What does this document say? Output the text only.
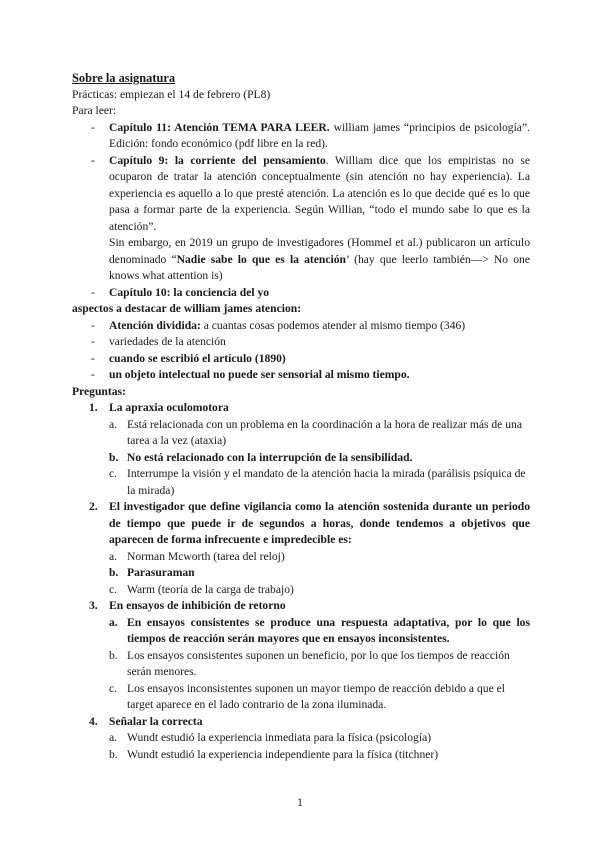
Sobre la asignatura
Prácticas: empiezan el 14 de febrero (PL8)
Para leer:
- Capítulo 11: Atención TEMA PARA LEER. william james “principios de psicología”. Edición: fondo económico (pdf libre en la red).
- Capítulo 9: la corriente del pensamiento. William dice que los empiristas no se ocuparon de tratar la atención conceptualmente (sin atención no hay experiencia). La experiencia es aquello a lo que presté atención. La atención es lo que decide qué es lo que pasa a formar parte de la experiencia. Según Willian, “todo el mundo sabe lo que es la atención”.
Sin embargo, en 2019 un grupo de investigadores (Hommel et al.) publicaron un artículo denominado “Nadie sabe lo que es la atención’ (hay que leerlo también—> No one knows what attention is)
- Capítulo 10: la conciencia del yo
aspectos a destacar de william james atencion:
- Atención dividida: a cuantas cosas podemos atender al mismo tiempo (346)
- variedades de la atención
- cuando se escribió el artículo (1890)
- un objeto intelectual no puede ser sensorial al mismo tiempo.
Preguntas:
1. La apraxia oculomotora
a. Está relacionada con un problema en la coordinación a la hora de realizar más de una tarea a la vez (ataxia)
b. No está relacionado con la interrupción de la sensibilidad.
c. Interrumpe la visión y el mandato de la atención hacia la mirada (parálisis psíquica de la mirada)
2. El investigador que define vigilancia como la atención sostenida durante un periodo de tiempo que puede ir de segundos a horas, donde tendemos a objetivos que aparecen de forma infrecuente e impredecible es:
a. Norman Mcworth (tarea del reloj)
b. Parasuraman
c. Warm (teoría de la carga de trabajo)
3. En ensayos de inhibición de retorno
a. En ensayos consistentes se produce una respuesta adaptativa, por lo que los tiempos de reacción serán mayores que en ensayos inconsistentes.
b. Los ensayos consistentes suponen un beneficio, por lo que los tiempos de reacción serán menores.
c. Los ensayos inconsistentes suponen un mayor tiempo de reacción debido a que el target aparece en el lado contrario de la zona iluminada.
4. Señalar la correcta
a. Wundt estudió la experiencia inmediata para la física (psicología)
b. Wundt estudió la experiencia independiente para la física (titchner)
1
